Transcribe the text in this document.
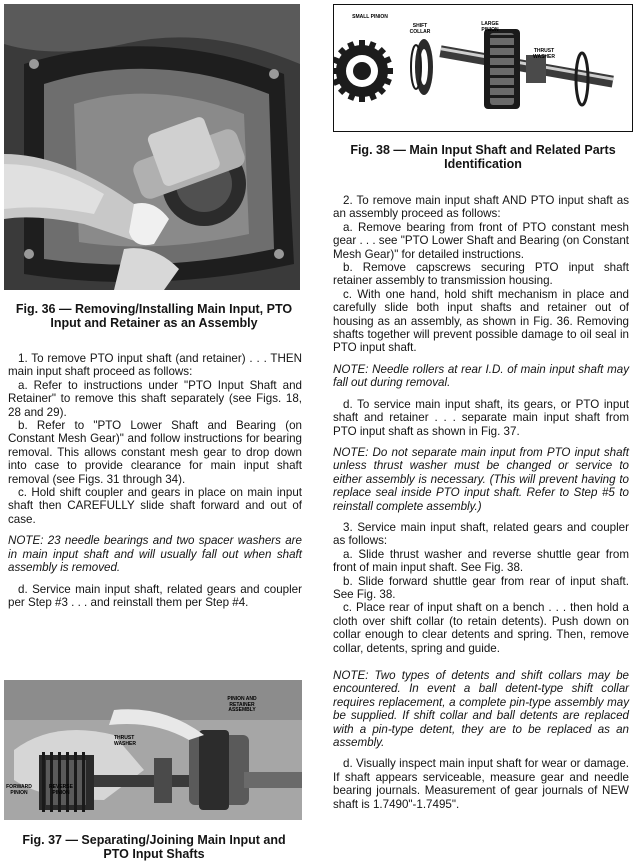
Fig. 36 — Removing/Installing Main Input, PTO Input and Retainer as an Assembly

1. To remove PTO input shaft (and retainer) . . . THEN main input shaft proceed as follows:

a. Refer to instructions under "PTO Input Shaft and Retainer" to remove this shaft separately (see Figs. 18, 28 and 29).

b. Refer to "PTO Lower Shaft and Bearing (on Constant Mesh Gear)" and follow instructions for bearing removal. This allows constant mesh gear to drop down into case to provide clearance for main input shaft removal (see Figs. 31 through 34).

c. Hold shift coupler and gears in place on main input shaft then CAREFULLY slide shaft forward and out of case.

NOTE: 23 needle bearings and two spacer washers are in main input shaft and will usually fall out when shaft assembly is removed.

d. Service main input shaft, related gears and coupler per Step #3 . . . and reinstall them per Step #4.

PINION AND RETAINER ASSEMBLY
THRUST WASHER
FORWARD PINION
REVERSE PINION
Fig. 37 — Separating/Joining Main Input and PTO Input Shafts
SMALL PINION
SHIFT COLLAR
LARGE PINION
THRUST WASHER
Fig. 38 — Main Input Shaft and Related Parts Identification

2. To remove main input shaft AND PTO input shaft as an assembly proceed as follows:

a. Remove bearing from front of PTO constant mesh gear . . . see "PTO Lower Shaft and Bearing (on Constant Mesh Gear)" for detailed instructions.

b. Remove capscrews securing PTO input shaft retainer assembly to transmission housing.

c. With one hand, hold shift mechanism in place and carefully slide both input shafts and retainer out of housing as an assembly, as shown in Fig. 36. Removing shafts together will prevent possible damage to oil seal in PTO input shaft.

NOTE: Needle rollers at rear I.D. of main input shaft may fall out during removal.

d. To service main input shaft, its gears, or PTO input shaft and retainer . . . separate main input shaft from PTO input shaft as shown in Fig. 37.

NOTE: Do not separate main input from PTO input shaft unless thrust washer must be changed or service to either assembly is necessary. (This will prevent having to replace seal inside PTO input shaft. Refer to Step #5 to reinstall complete assembly.)

3. Service main input shaft, related gears and coupler as follows:

a. Slide thrust washer and reverse shuttle gear from front of main input shaft. See Fig. 38.

b. Slide forward shuttle gear from rear of input shaft. See Fig. 38.

c. Place rear of input shaft on a bench . . . then hold a cloth over shift collar (to retain detents). Push down on collar enough to clear detents and spring. Then, remove collar, detents, spring and guide.

NOTE: Two types of detents and shift collars may be encountered. In event a ball detent-type shift collar requires replacement, a complete pin-type assembly may be supplied. If shift collar and ball detents are replaced with a pin-type detent, they are to be replaced as an assembly.

d. Visually inspect main input shaft for wear or damage. If shaft appears serviceable, measure gear and needle bearing journals. Measurement of gear journals of NEW shaft is 1.7490"-1.7495".
